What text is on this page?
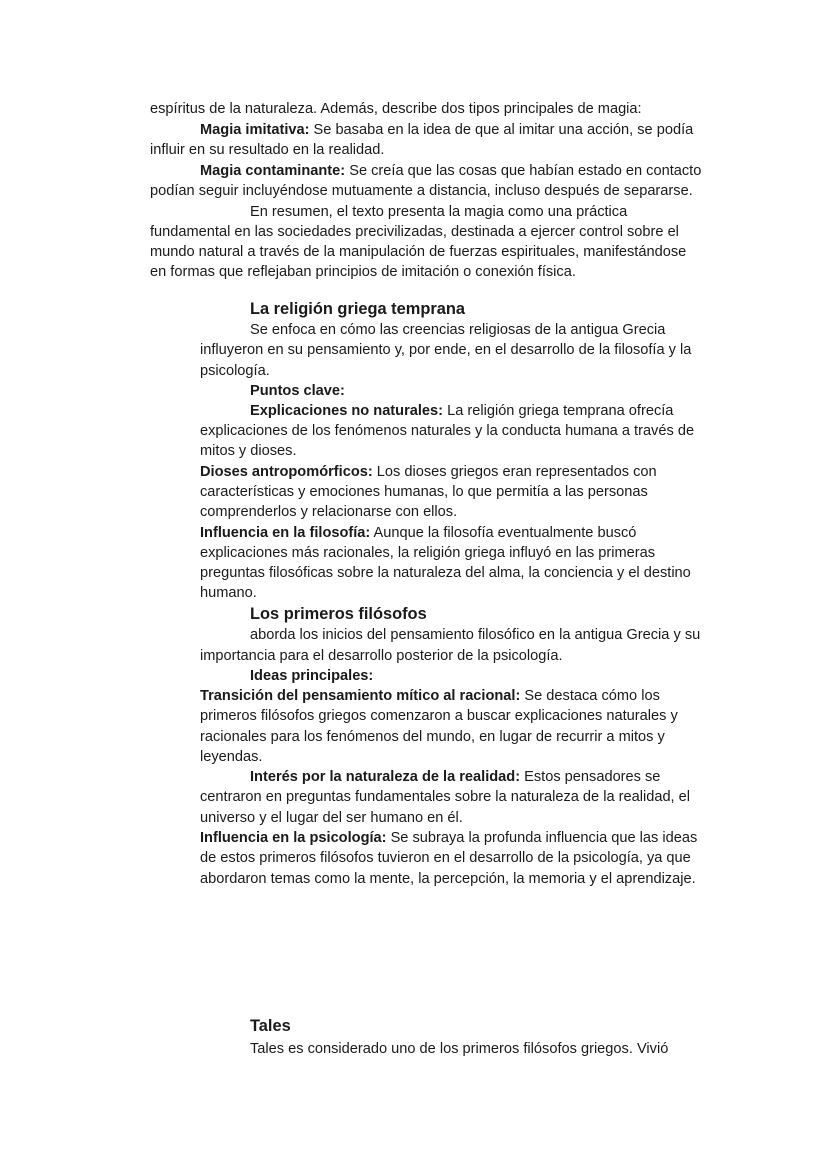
espíritus de la naturaleza. Además, describe dos tipos principales de magia:
Magia imitativa: Se basaba en la idea de que al imitar una acción, se podía
influir en su resultado en la realidad.
Magia contaminante: Se creía que las cosas que habían estado en contacto
podían seguir incluyéndose mutuamente a distancia, incluso después de separarse.
En resumen, el texto presenta la magia como una práctica
fundamental en las sociedades precivilizadas, destinada a ejercer control sobre el
mundo natural a través de la manipulación de fuerzas espirituales, manifestándose
en formas que reflejaban principios de imitación o conexión física.
La religión griega temprana
Se enfoca en cómo las creencias religiosas de la antigua Grecia
influyeron en su pensamiento y, por ende, en el desarrollo de la filosofía y la
psicología.
Puntos clave:
Explicaciones no naturales: La religión griega temprana ofrecía
explicaciones de los fenómenos naturales y la conducta humana a través de
mitos y dioses.
Dioses antropomórficos: Los dioses griegos eran representados con
características y emociones humanas, lo que permitía a las personas
comprenderlos y relacionarse con ellos.
Influencia en la filosofía: Aunque la filosofía eventualmente buscó
explicaciones más racionales, la religión griega influyó en las primeras
preguntas filosóficas sobre la naturaleza del alma, la conciencia y el destino
humano.
Los primeros filósofos
aborda los inicios del pensamiento filosófico en la antigua Grecia y su
importancia para el desarrollo posterior de la psicología.
Ideas principales:
Transición del pensamiento mítico al racional: Se destaca cómo los
primeros filósofos griegos comenzaron a buscar explicaciones naturales y
racionales para los fenómenos del mundo, en lugar de recurrir a mitos y
leyendas.
Interés por la naturaleza de la realidad: Estos pensadores se
centraron en preguntas fundamentales sobre la naturaleza de la realidad, el
universo y el lugar del ser humano en él.
Influencia en la psicología: Se subraya la profunda influencia que las ideas
de estos primeros filósofos tuvieron en el desarrollo de la psicología, ya que
abordaron temas como la mente, la percepción, la memoria y el aprendizaje.
Tales
Tales es considerado uno de los primeros filósofos griegos. Vivió
